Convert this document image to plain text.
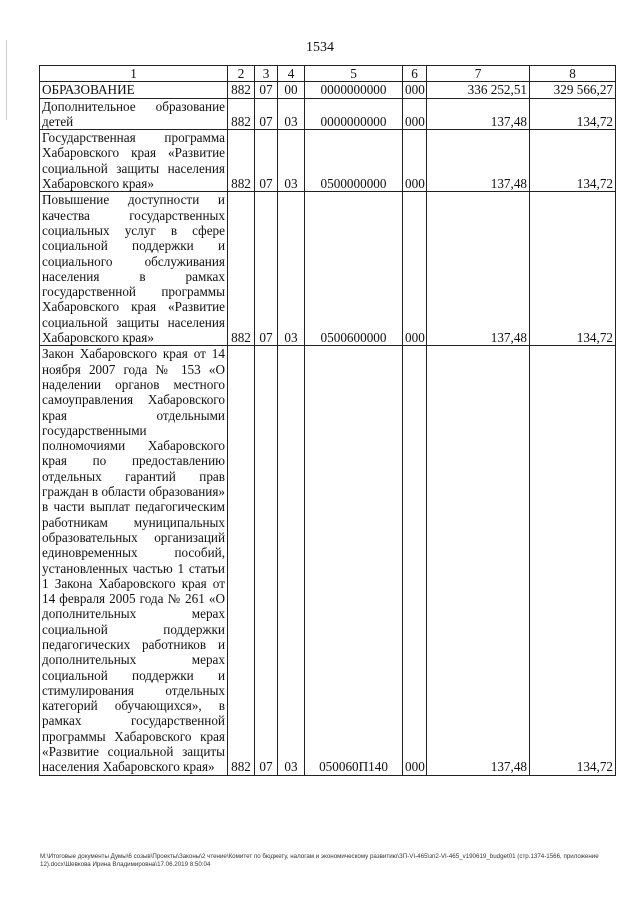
1534
1	2	3	4	5	6	7	8
ОБРАЗОВАНИЕ	882	07	00	0000000000	000	336 252,51	329 566,27
Дополнительное образование детей	882	07	03	0000000000	000	137,48	134,72
Государственная программа Хабаровского края «Развитие социальной защиты населения Хабаровского края»	882	07	03	0500000000	000	137,48	134,72
Повышение доступности и качества государственных социальных услуг в сфере социальной поддержки и социального обслуживания населения в рамках государственной программы Хабаровского края «Развитие социальной защиты населения Хабаровского края»	882	07	03	0500600000	000	137,48	134,72
Закон Хабаровского края от 14 ноября 2007 года № 153 «О наделении органов местного самоуправления Хабаровского края отдельными государственными полномочиями Хабаровского края по предоставлению отдельных гарантий прав граждан в области образования» в части выплат педагогическим работникам муниципальных образовательных организаций единовременных пособий, установленных частью 1 статьи 1 Закона Хабаровского края от 14 февраля 2005 года № 261 «О дополнительных мерах социальной поддержки педагогических работников и дополнительных мерах социальной поддержки и стимулирования отдельных категорий обучающихся», в рамках государственной программы Хабаровского края «Развитие социальной защиты населения Хабаровского края»	882	07	03	050060П140	000	137,48	134,72
М:\Итоговые документы Думы\6 созыв\Проекты\Законы\2 чтение\Комитет по бюджету, налогам и экономическому развитию\ЗП-VI-465\зп2-VI-465_v190619_budget01 (стр.1374-1566, приложение 12).docx\Шевкова Ирина Владимировна\17.06.2019 8:50:04
